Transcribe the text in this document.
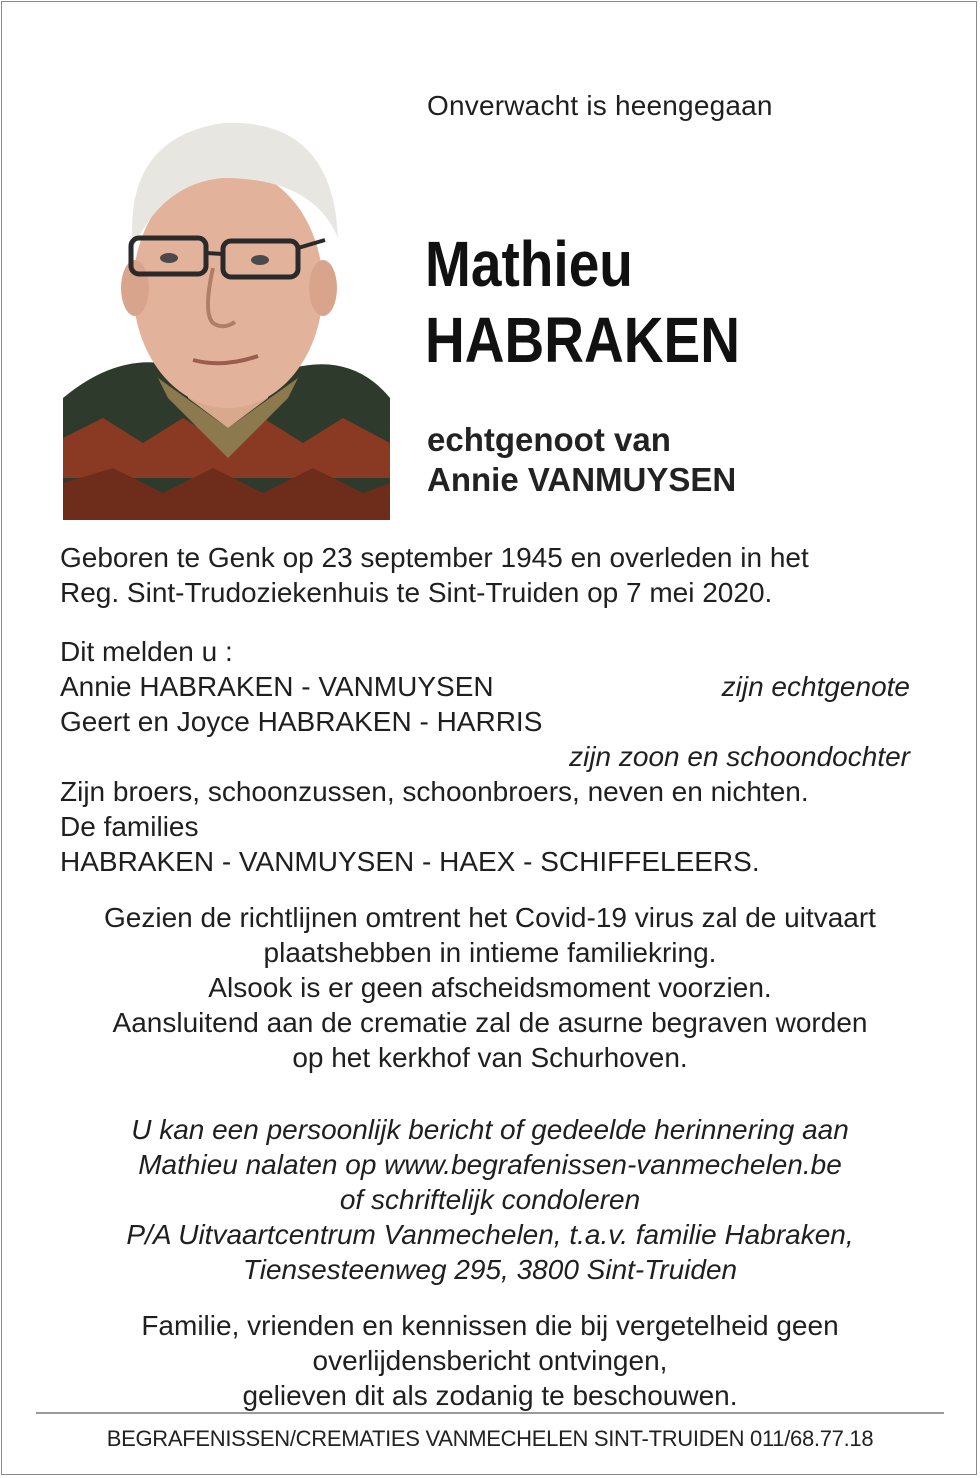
Onverwacht is heengegaan
Mathieu
HABRAKEN
echtgenoot van
Annie VANMUYSEN

Geboren te Genk op 23 september 1945 en overleden in het

Reg. Sint-Trudoziekenhuis te Sint-Truiden op 7 mei 2020.

Dit melden u :

Annie HABRAKEN - VANMUYSEN	zijn echtgenote

Geert en Joyce HABRAKEN - HARRIS

zijn zoon en schoondochter

Zijn broers, schoonzussen, schoonbroers, neven en nichten.

De families

HABRAKEN - VANMUYSEN - HAEX - SCHIFFELEERS.

Gezien de richtlijnen omtrent het Covid-19 virus zal de uitvaart

plaatshebben in intieme familiekring.

Alsook is er geen afscheidsmoment voorzien.

Aansluitend aan de crematie zal de asurne begraven worden

op het kerkhof van Schurhoven.

U kan een persoonlijk bericht of gedeelde herinnering aan

Mathieu nalaten op www.begrafenissen-vanmechelen.be

of schriftelijk condoleren

P/A Uitvaartcentrum Vanmechelen, t.a.v. familie Habraken,

Tiensesteenweg 295, 3800 Sint-Truiden

Familie, vrienden en kennissen die bij vergetelheid geen

overlijdensbericht ontvingen,

gelieven dit als zodanig te beschouwen.

BEGRAFENISSEN/CREMATIES VANMECHELEN SINT-TRUIDEN 011/68.77.18
